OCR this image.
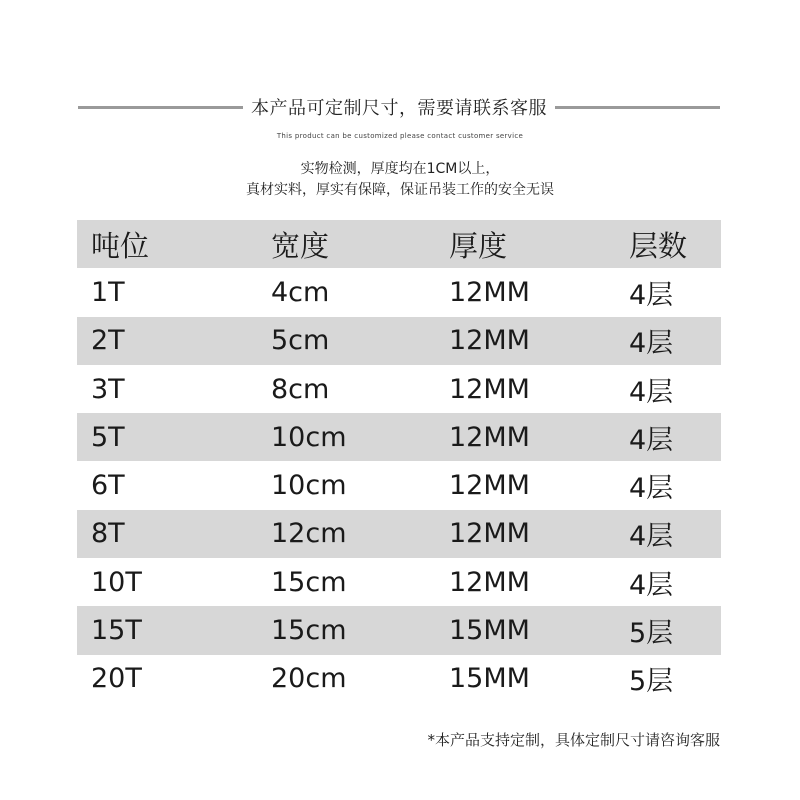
本产品可定制尺寸，需要请联系客服
This product can be customized please contact customer service
实物检测，厚度均在1CM以上，
真材实料，厚实有保障，保证吊装工作的安全无误
吨位	宽度	厚度	层数
1T	4cm	12MM	4层
2T	5cm	12MM	4层
3T	8cm	12MM	4层
5T	10cm	12MM	4层
6T	10cm	12MM	4层
8T	12cm	12MM	4层
10T	15cm	12MM	4层
15T	15cm	15MM	5层
20T	20cm	15MM	5层
*本产品支持定制，具体定制尺寸请咨询客服
